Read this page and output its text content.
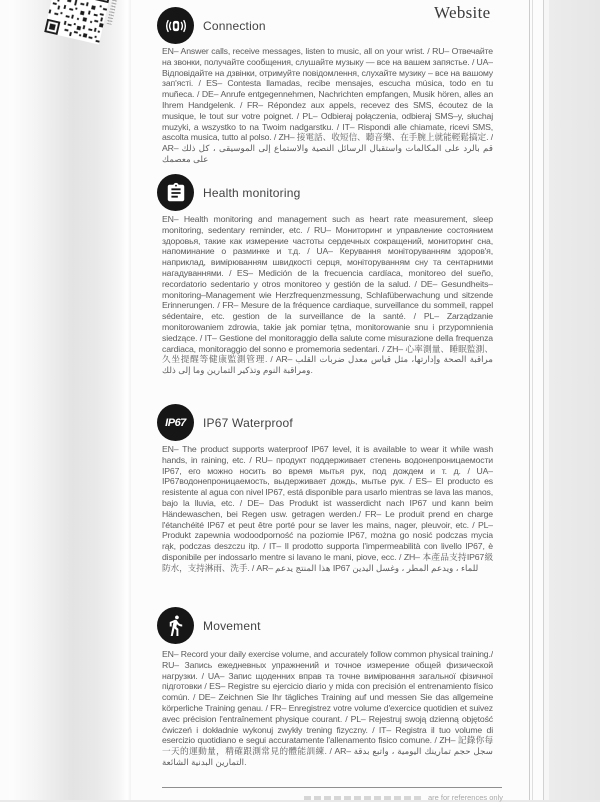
Website
Connection
EN– Answer calls, receive messages, listen to music, all on your wrist. / RU– Отвечайте на звонки, получайте сообщения, слушайте музыку — все на вашем запястье. / UA– Відповідайте на дзвінки, отримуйте повідомлення, слухайте музику – все на вашому зап'ясті. / ES– Contesta llamadas, recibe mensajes, escucha música, todo en tu muñeca. / DE– Anrufe entgegennehmen, Nachrichten empfangen, Musik hören, alles an Ihrem Handgelenk. / FR– Répondez aux appels, recevez des SMS, écoutez de la musique, le tout sur votre poignet. / PL– Odbieraj połączenia, odbieraj SMS–y, słuchaj muzyki, a wszystko to na Twoim nadgarstku. / IT– Rispondi alle chiamate, ricevi SMS, ascolta musica, tutto al polso. / ZH– 接電話、收短信、聽音樂、在手腕上就能輕鬆搞定. / AR– قم بالرد على المكالمات واستقبال الرسائل النصية والاستماع إلى الموسيقى ، كل ذلك على معصمك
Health monitoring
EN– Health monitoring and management such as heart rate measurement, sleep monitoring, sedentary reminder, etc. / RU– Мониторинг и управление состоянием здоровья, такие как измерение частоты сердечных сокращений, мониторинг сна, напоминание о разминке и т.д. / UA– Керування моніторуванням здоров'я, наприклад, вимірюванням швидкості серця, моніторуванням сну та сентарними нагадуваннями. / ES– Medición de la frecuencia cardíaca, monitoreo del sueño, recordatorio sedentario y otros monitoreo y gestión de la salud. / DE– Gesundheits–monitoring–Management wie Herzfrequenzmessung, Schlafüberwachung und sitzende Erinnerungen. / FR– Mesure de la fréquence cardiaque, surveillance du sommeil, rappel sédentaire, etc. gestion de la surveillance de la santé. / PL– Zarządzanie monitorowaniem zdrowia, takie jak pomiar tętna, monitorowanie snu i przypomnienia siedzące. / IT– Gestione del monitoraggio della salute come misurazione della frequenza cardiaca, monitoraggio del sonno e promemoria sedentari. / ZH– 心率測量、睡眠監測、久坐提醒等健康監測管理. / AR– مراقبة الصحة وإدارتها، مثل قياس معدل ضربات القلب ومراقبة النوم وتذكير التمارين وما إلى ذلك.
IP67 IP67 Waterproof
EN– The product supports waterproof IP67 level, it is available to wear it while wash hands, in raining, etc. / RU– продукт поддерживает степень водонепроницаемости IP67, его можно носить во время мытья рук, под дождем и т. д. / UA– IP67водонепроницаемость, выдерживает дождь, мытье рук. / ES– El producto es resistente al agua con nivel IP67, está disponible para usarlo mientras se lava las manos, bajo la lluvia, etc. / DE– Das Produkt ist wasserdicht nach IP67 und kann beim Händewaschen, bei Regen usw. getragen werden./ FR– Le produit prend en charge l'étanchéité IP67 et peut être porté pour se laver les mains, nager, pleuvoir, etc. / PL– Produkt zapewnia wodoodporność na poziomie IP67, można go nosić podczas mycia rąk, podczas deszczu itp. / IT– Il prodotto supporta l'impermeabilità con livello IP67, è disponibile per indossarlo mentre si lavano le mani, piove, ecc. / ZH– 本產品支持IP67級防水，支持淋雨、洗手. / AR– هذا المنتج يدعم IP67 للماء ، ويدعم المطر ، وغسل اليدين
Movement
EN– Record your daily exercise volume, and accurately follow common physical training./ RU– Запись ежедневных упражнений и точное измерение общей физической нагрузки. / UA– Запис щоденних вправ та точне вимірювання загальної фізичної підготовки / ES– Registre su ejercicio diario y mida con precisión el entrenamiento físico común. / DE– Zeichnen Sie Ihr tägliches Training auf und messen Sie das allgemeine körperliche Training genau. / FR– Enregistrez votre volume d'exercice quotidien et suivez avec précision l'entraînement physique courant. / PL– Rejestruj swoją dzienną objętość ćwiczeń i dokładnie wykonuj zwykły trening fizyczny. / IT– Registra il tuo volume di esercizio quotidiano e segui accuratamente l'allenamento fisico comune. / ZH– 記錄你每一天的運動量，精確跟測常見的體能訓練. / AR– سجل حجم تمارينك اليومية ، واتبع بدقة التمارين البدنية الشائعة.
are for references only
